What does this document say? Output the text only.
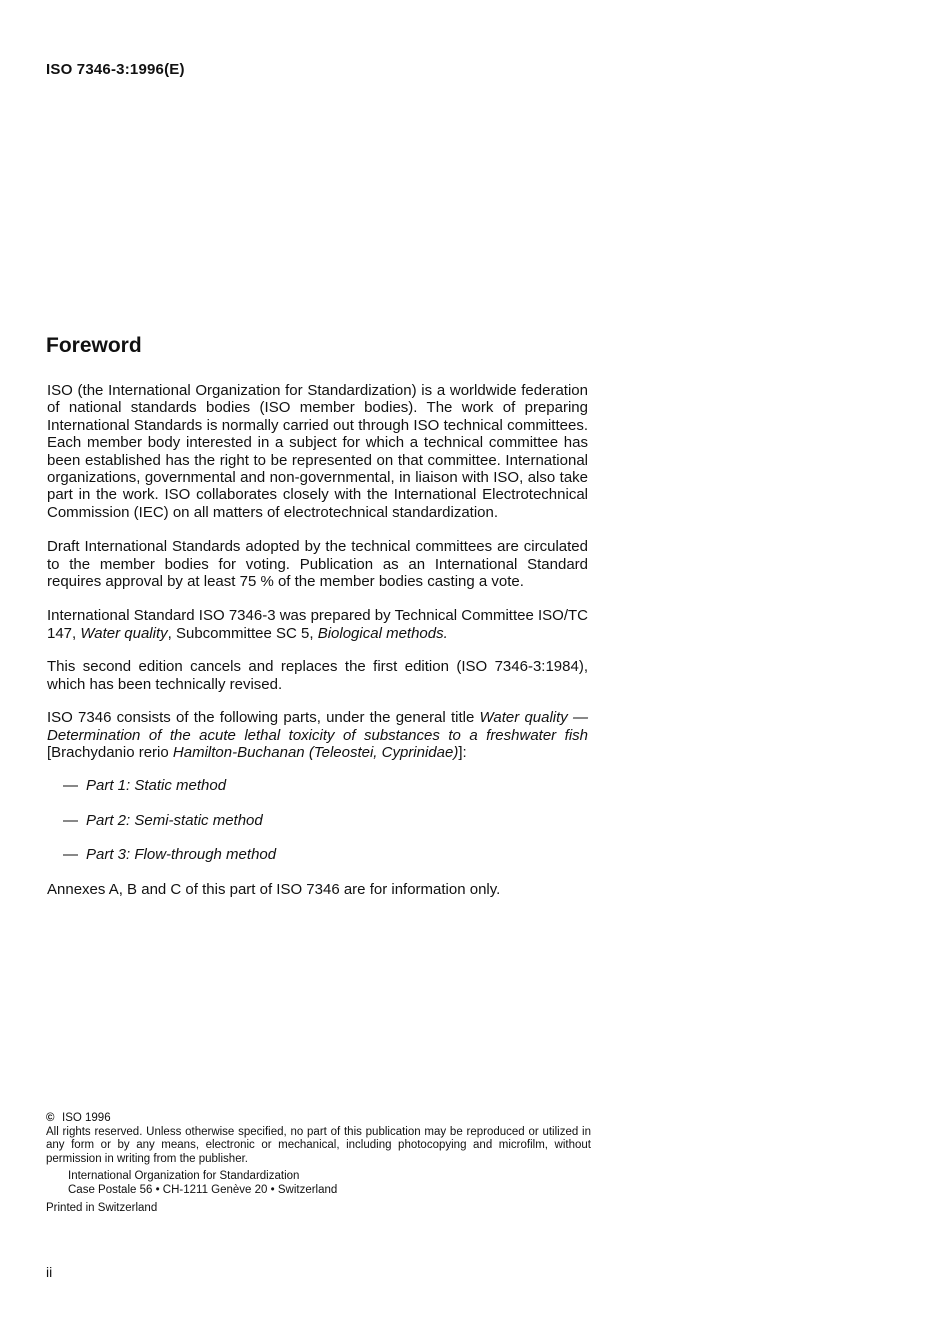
ISO 7346-3:1996(E)
Foreword

ISO (the International Organization for Standardization) is a worldwide federation of national standards bodies (ISO member bodies). The work of preparing International Standards is normally carried out through ISO technical committees. Each member body interested in a subject for which a technical committee has been established has the right to be represented on that committee. International organizations, governmental and non-governmental, in liaison with ISO, also take part in the work. ISO collaborates closely with the International Electrotechnical Commission (IEC) on all matters of electrotechnical standardization.

Draft International Standards adopted by the technical committees are circulated to the member bodies for voting. Publication as an International Standard requires approval by at least 75 % of the member bodies casting a vote.

International Standard ISO 7346-3 was prepared by Technical Committee ISO/TC 147, Water quality, Subcommittee SC 5, Biological methods.

This second edition cancels and replaces the first edition (ISO 7346-3:1984), which has been technically revised.

ISO 7346 consists of the following parts, under the general title Water quality — Determination of the acute lethal toxicity of substances to a freshwater fish [Brachydanio rerio Hamilton-Buchanan (Teleostei, Cyprinidae)]:

— Part 1: Static method
— Part 2: Semi-static method
— Part 3: Flow-through method

Annexes A, B and C of this part of ISO 7346 are for information only.

© ISO 1996
All rights reserved. Unless otherwise specified, no part of this publication may be reproduced or utilized in any form or by any means, electronic or mechanical, including photocopying and microfilm, without permission in writing from the publisher.
International Organization for Standardization
Case Postale 56 • CH-1211 Genève 20 • Switzerland
Printed in Switzerland
ii
